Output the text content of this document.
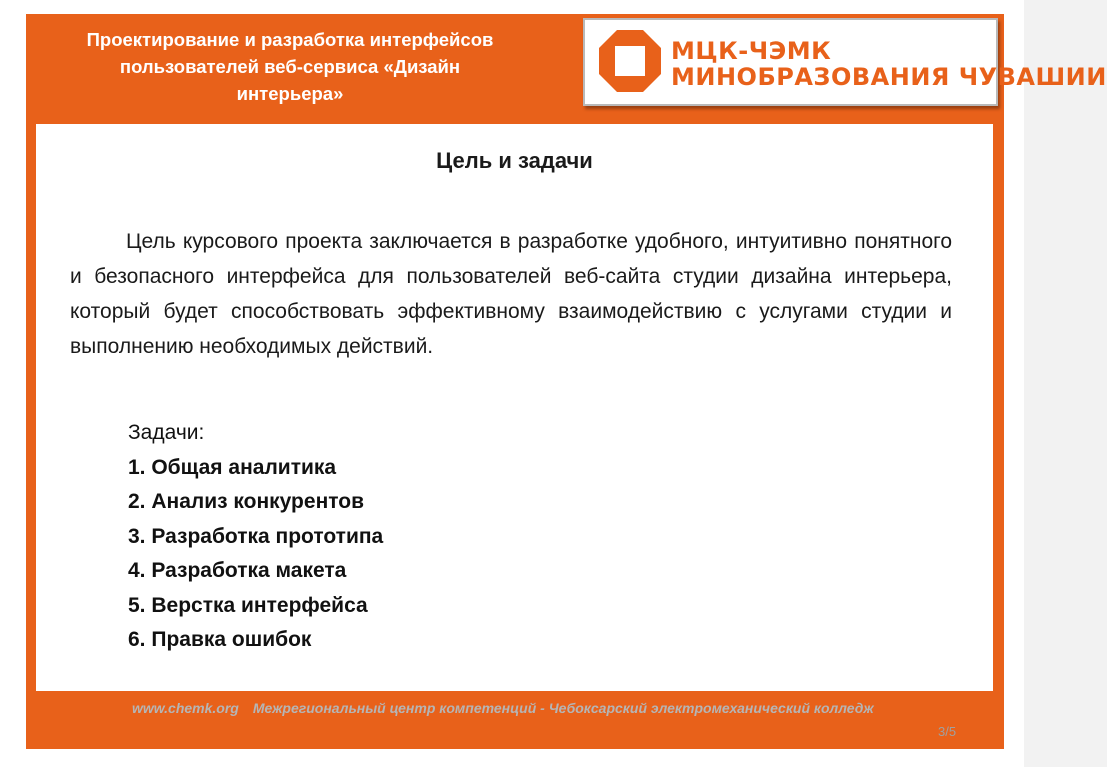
Проектирование и разработка интерфейсов
пользователей веб-сервиса «Дизайн
интерьера»
МЦК-ЧЭМК
МИНОБРАЗОВАНИЯ ЧУВАШИИ
Цель и задачи
Цель курсового проекта заключается в разработке удобного, интуитивно понятного и безопасного интерфейса для пользователей веб-сайта студии дизайна интерьера, который будет способствовать эффективному взаимодействию с услугами студии и выполнению необходимых действий.
Задачи:
1. Общая аналитика
2. Анализ конкурентов
3. Разработка прототипа
4. Разработка макета
5. Верстка интерфейса
6. Правка ошибок
www.chemk.org Межрегиональный центр компетенций - Чебоксарский электромеханический колледж
3/5
